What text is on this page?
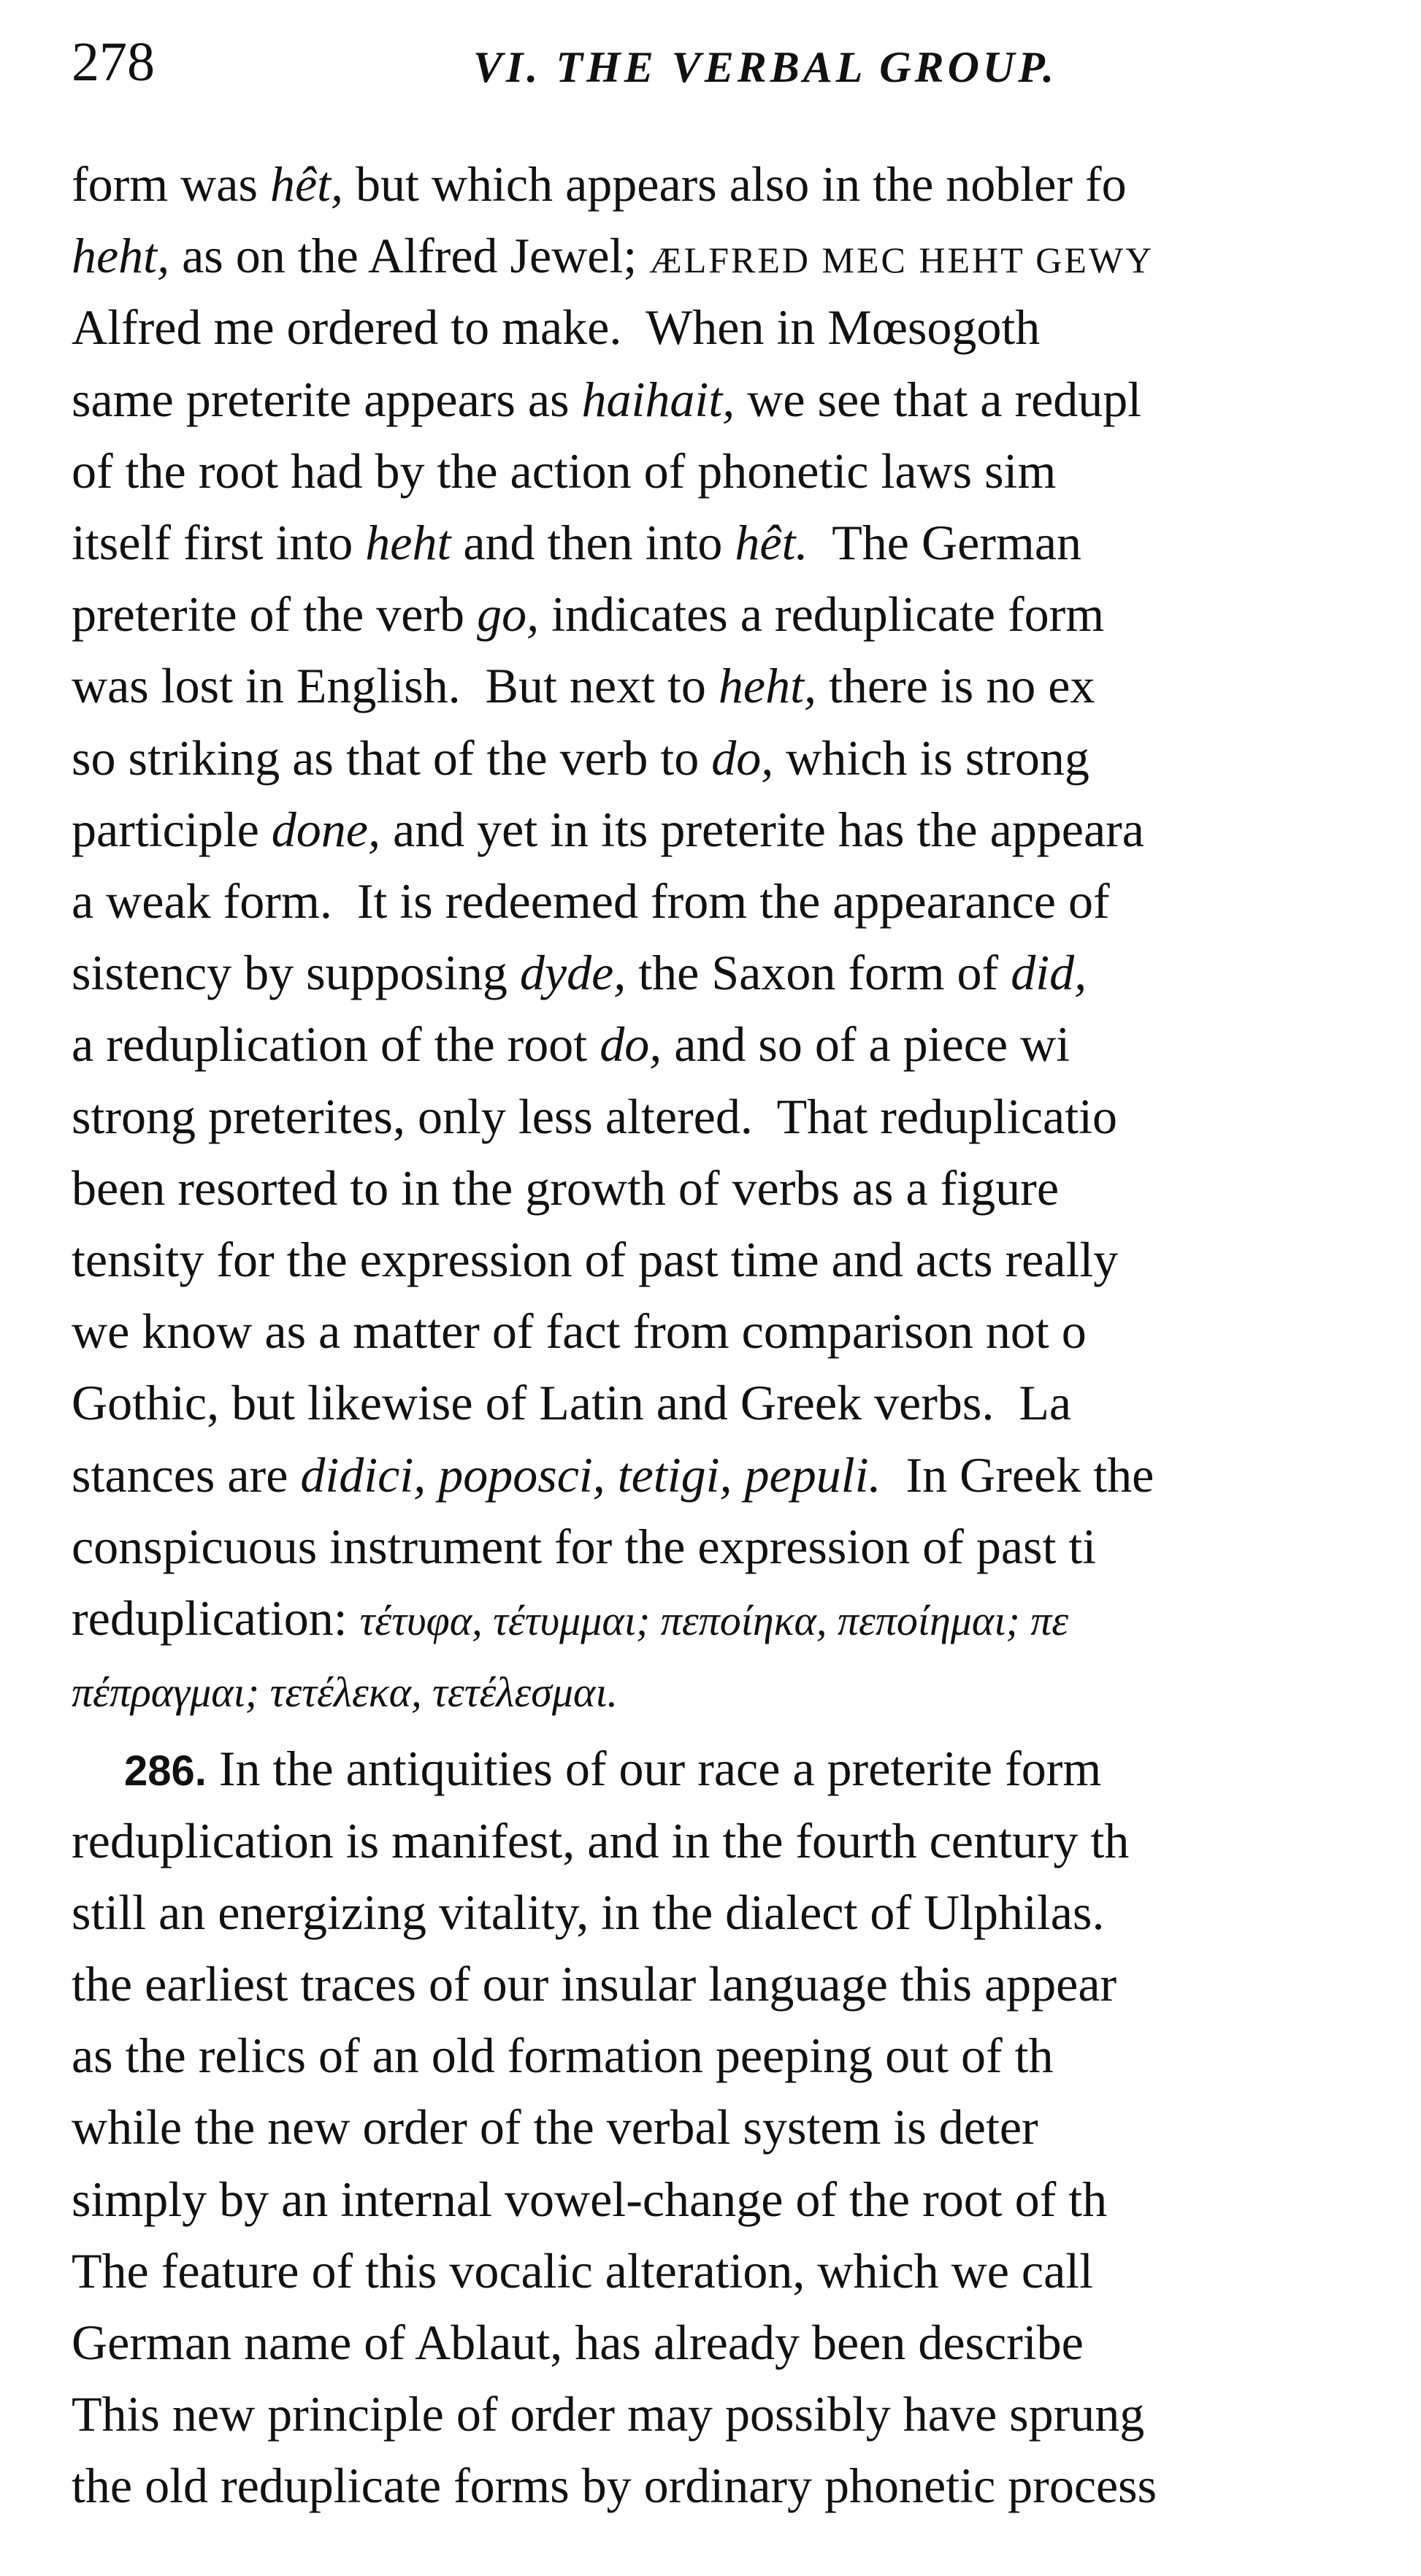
278	VI. THE VERBAL GROUP.
form was hêt, but which appears also in the nobler fo
heht, as on the Alfred Jewel; ÆLFRED MEC HEHT GEWY
Alfred me ordered to make.  When in Mœsogoth
same preterite appears as haihait, we see that a redupl
of the root had by the action of phonetic laws sim
itself first into heht and then into hêt.  The German
preterite of the verb go, indicates a reduplicate form
was lost in English.  But next to heht, there is no ex
so striking as that of the verb to do, which is strong
participle done, and yet in its preterite has the appeara
a weak form.  It is redeemed from the appearance of
sistency by supposing dyde, the Saxon form of did,
a reduplication of the root do, and so of a piece wi
strong preterites, only less altered.  That reduplicatio
been resorted to in the growth of verbs as a figure
tensity for the expression of past time and acts really
we know as a matter of fact from comparison not o
Gothic, but likewise of Latin and Greek verbs.  La
stances are didici, poposci, tetigi, pepuli.  In Greek the
conspicuous instrument for the expression of past ti
reduplication: τέτυφα, τέτυμμαι; πεποίηκα, πεποίημαι; πε
πέπραγμαι; τετέλεκα, τετέλεσμαι.
286. In the antiquities of our race a preterite form
reduplication is manifest, and in the fourth century th
still an energizing vitality, in the dialect of Ulphilas.
the earliest traces of our insular language this appear
as the relics of an old formation peeping out of th
while the new order of the verbal system is deter
simply by an internal vowel-change of the root of th
The feature of this vocalic alteration, which we call
German name of Ablaut, has already been describe
This new principle of order may possibly have sprung
the old reduplicate forms by ordinary phonetic process
